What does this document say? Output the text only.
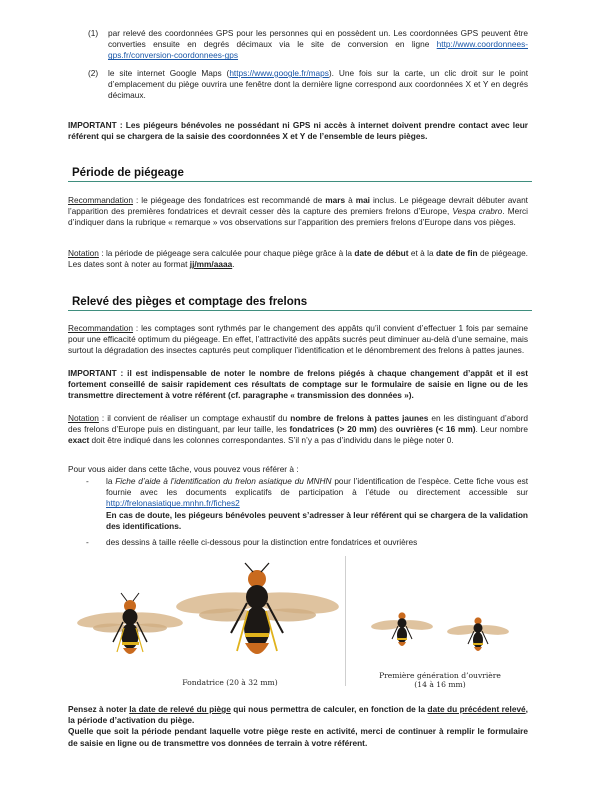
(1) par relevé des coordonnées GPS pour les personnes qui en possèdent un. Les coordonnées GPS peuvent être converties ensuite en degrés décimaux via le site de conversion en ligne http://www.coordonnees-gps.fr/conversion-coordonnees-gps
(2) le site internet Google Maps (https://www.google.fr/maps). Une fois sur la carte, un clic droit sur le point d’emplacement du piège ouvrira une fenêtre dont la dernière ligne correspond aux coordonnées X et Y en degrés décimaux.

IMPORTANT : Les piégeurs bénévoles ne possédant ni GPS ni accès à internet doivent prendre contact avec leur référent qui se chargera de la saisie des coordonnées X et Y de l’ensemble de leurs pièges.

Période de piégeage

Recommandation : le piégeage des fondatrices est recommandé de mars à mai inclus. Le piégeage devrait débuter avant l’apparition des premières fondatrices et devrait cesser dès la capture des premiers frelons d’Europe, Vespa crabro. Merci d’indiquer dans la rubrique « remarque » vos observations sur l’apparition des premiers frelons d’Europe dans vos pièges.

Notation : la période de piégeage sera calculée pour chaque piège grâce à la date de début et à la date de fin de piégeage. Les dates sont à noter au format jj/mm/aaaa.

Relevé des pièges et comptage des frelons

Recommandation : les comptages sont rythmés par le changement des appâts qu’il convient d’effectuer 1 fois par semaine pour une efficacité optimum du piégeage. En effet, l’attractivité des appâts sucrés peut diminuer au-delà d’une semaine, mais surtout la dégradation des insectes capturés peut compliquer l’identification et le dénombrement des frelons à pattes jaunes.

IMPORTANT : il est indispensable de noter le nombre de frelons piégés à chaque changement d’appât et il est fortement conseillé de saisir rapidement ces résultats de comptage sur le formulaire de saisie en ligne ou de les transmettre directement à votre référent (cf. paragraphe « transmission des données »).

Notation : il convient de réaliser un comptage exhaustif du nombre de frelons à pattes jaunes en les distinguant d’abord des frelons d’Europe puis en distinguant, par leur taille, les fondatrices (> 20 mm) des ouvrières (< 16 mm). Leur nombre exact doit être indiqué dans les colonnes correspondantes. S’il n’y a pas d’individu dans le piège noter 0.

Pour vous aider dans cette tâche, vous pouvez vous référer à :

- la Fiche d’aide à l’identification du frelon asiatique du MNHN pour l’identification de l’espèce. Cette fiche vous est fournie avec les documents explicatifs de participation à l’étude ou directement accessible sur http://frelonasiatique.mnhn.fr/fiches2
En cas de doute, les piégeurs bénévoles peuvent s’adresser à leur référent qui se chargera de la validation des identifications.

- des dessins à taille réelle ci-dessous pour la distinction entre fondatrices et ouvrières

Fondatrice (20 à 32 mm)
Première génération d’ouvrière
(14 à 16 mm)

Pensez à noter la date de relevé du piège qui nous permettra de calculer, en fonction de la date du précédent relevé, la période d’activation du piège.
Quelle que soit la période pendant laquelle votre piège reste en activité, merci de continuer à remplir le formulaire de saisie en ligne ou de transmettre vos données de terrain à votre référent.
